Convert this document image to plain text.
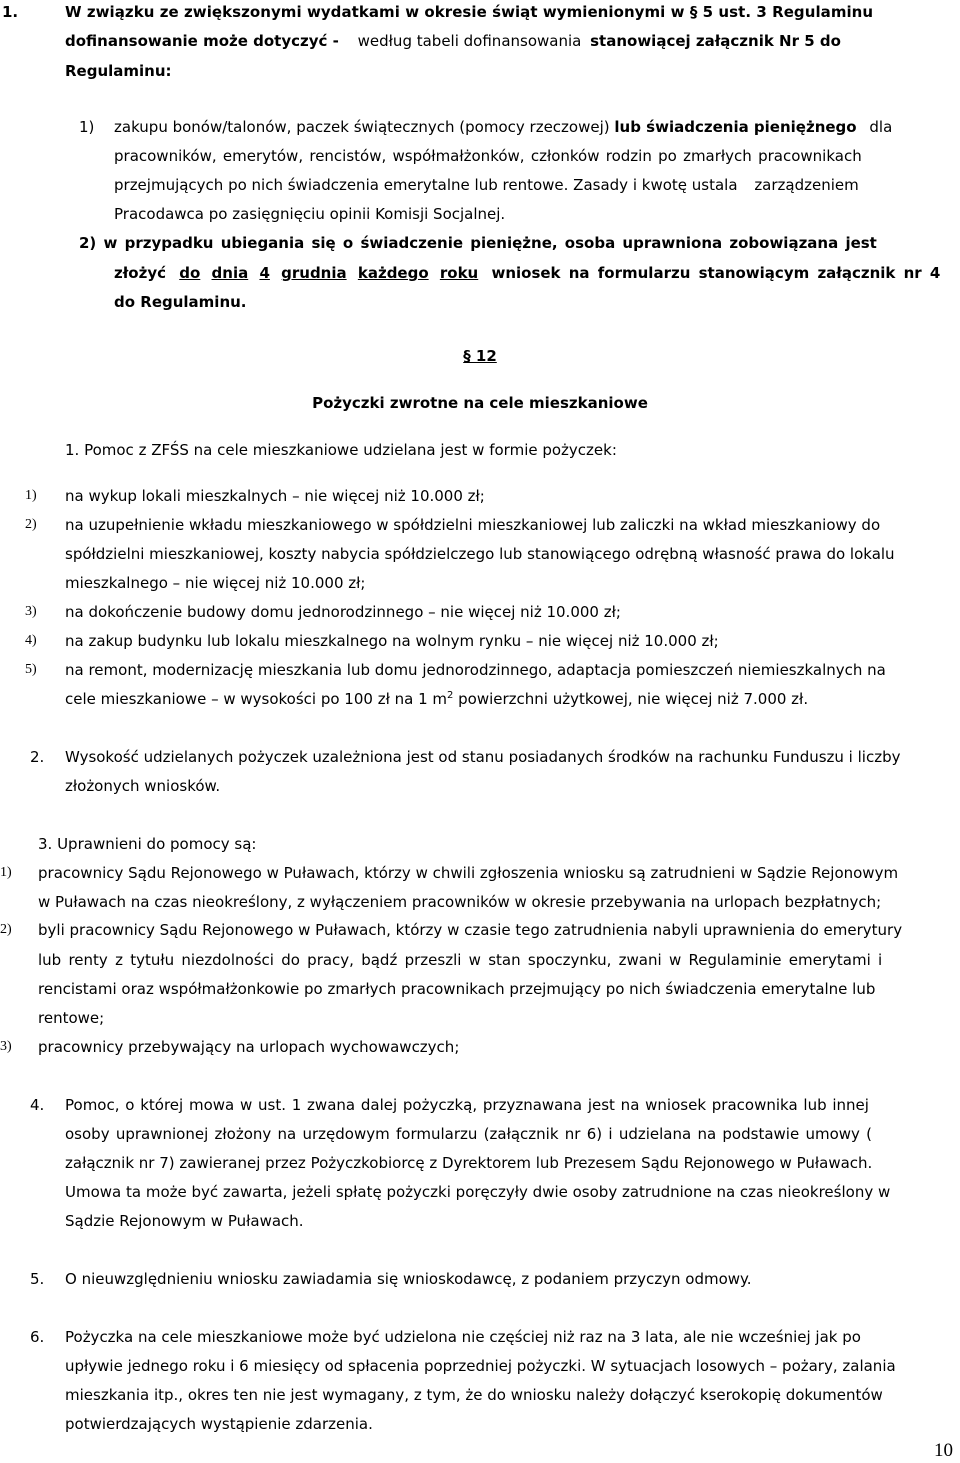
1.	W związku ze zwiększonymi wydatkami w okresie świąt wymienionymi w § 5 ust. 3 Regulaminu
dofinansowanie może dotyczyć - według tabeli dofinansowania stanowiącej załącznik Nr 5 do
Regulaminu:
1) zakupu bonów/talonów, paczek świątecznych (pomocy rzeczowej) lub świadczenia pieniężnego dla
pracowników, emerytów, rencistów, współmałżonków, członków rodzin po zmarłych pracownikach
przejmujących po nich świadczenia emerytalne lub rentowe. Zasady i kwotę ustala zarządzeniem
Pracodawca po zasięgnięciu opinii Komisji Socjalnej.
2) w przypadku ubiegania się o świadczenie pieniężne, osoba uprawniona zobowiązana jest
złożyć do dnia 4 grudnia każdego roku wniosek na formularzu stanowiącym załącznik nr 4
do Regulaminu.
§ 12
Pożyczki zwrotne na cele mieszkaniowe
1. Pomoc z ZFŚS na cele mieszkaniowe udzielana jest w formie pożyczek:
1) na wykup lokali mieszkalnych – nie więcej niż 10.000 zł;
2) na uzupełnienie wkładu mieszkaniowego w spółdzielni mieszkaniowej lub zaliczki na wkład mieszkaniowy do
spółdzielni mieszkaniowej, koszty nabycia spółdzielczego lub stanowiącego odrębną własność prawa do lokalu
mieszkalnego – nie więcej niż 10.000 zł;
3) na dokończenie budowy domu jednorodzinnego – nie więcej niż 10.000 zł;
4) na zakup budynku lub lokalu mieszkalnego na wolnym rynku – nie więcej niż 10.000 zł;
5) na remont, modernizację mieszkania lub domu jednorodzinnego, adaptacja pomieszczeń niemieszkalnych na
cele mieszkaniowe – w wysokości po 100 zł na 1 $m^2$ powierzchni użytkowej, nie więcej niż 7.000 zł.
2. Wysokość udzielanych pożyczek uzależniona jest od stanu posiadanych środków na rachunku Funduszu i liczby
złożonych wniosków.
3. Uprawnieni do pomocy są:
1) pracownicy Sądu Rejonowego w Puławach, którzy w chwili zgłoszenia wniosku są zatrudnieni w Sądzie Rejonowym
w Puławach na czas nieokreślony, z wyłączeniem pracowników w okresie przebywania na urlopach bezpłatnych;
2) byli pracownicy Sądu Rejonowego w Puławach, którzy w czasie tego zatrudnienia nabyli uprawnienia do emerytury
lub renty z tytułu niezdolności do pracy, bądź przeszli w stan spoczynku, zwani w Regulaminie emerytami i
rencistami oraz współmałżonkowie po zmarłych pracownikach przejmujący po nich świadczenia emerytalne lub
rentowe;
3) pracownicy przebywający na urlopach wychowawczych;
4. Pomoc, o której mowa w ust. 1 zwana dalej pożyczką, przyznawana jest na wniosek pracownika lub innej
osoby uprawnionej złożony na urzędowym formularzu (załącznik nr 6) i udzielana na podstawie umowy (
załącznik nr 7) zawieranej przez Pożyczkobiorcę z Dyrektorem lub Prezesem Sądu Rejonowego w Puławach.
Umowa ta może być zawarta, jeżeli spłatę pożyczki poręczyły dwie osoby zatrudnione na czas nieokreślony w
Sądzie Rejonowym w Puławach.
5. O nieuwzględnieniu wniosku zawiadamia się wnioskodawcę, z podaniem przyczyn odmowy.
6. Pożyczka na cele mieszkaniowe może być udzielona nie częściej niż raz na 3 lata, ale nie wcześniej jak po
upływie jednego roku i 6 miesięcy od spłacenia poprzedniej pożyczki. W sytuacjach losowych – pożary, zalania
mieszkania itp., okres ten nie jest wymagany, z tym, że do wniosku należy dołączyć kserokopię dokumentów
potwierdzających wystąpienie zdarzenia.
10
